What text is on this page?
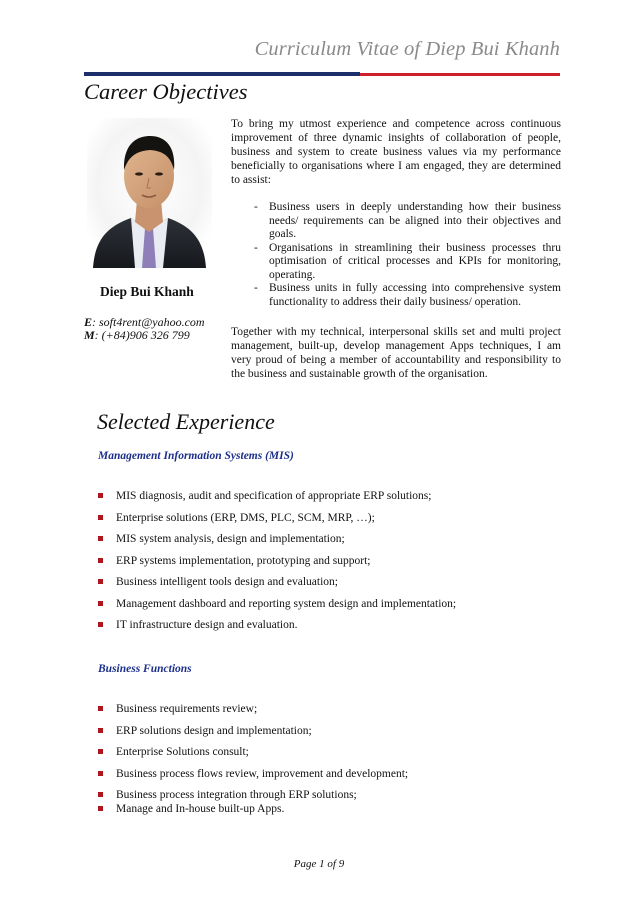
Curriculum Vitae of Diep Bui Khanh
Career Objectives
Diep Bui Khanh
E: soft4rent@yahoo.com
M: (+84)906 326 799
To bring my utmost experience and competence across continuous improvement of three dynamic insights of collaboration of people, business and system to create business values via my performance beneficially to organisations where I am engaged, they are determined to assist:
- Business users in deeply understanding how their business needs/ requirements can be aligned into their objectives and goals.
- Organisations in streamlining their business processes thru optimisation of critical processes and KPIs for monitoring, operating.
- Business units in fully accessing into comprehensive system functionality to address their daily business/ operation.
Together with my technical, interpersonal skills set and multi project management, built-up, develop management Apps techniques, I am very proud of being a member of accountability and responsibility to the business and sustainable growth of the organisation.
Selected Experience
Management Information Systems (MIS)
MIS diagnosis, audit and specification of appropriate ERP solutions;
Enterprise solutions (ERP, DMS, PLC, SCM, MRP, …);
MIS system analysis, design and implementation;
ERP systems implementation, prototyping and support;
Business intelligent tools design and evaluation;
Management dashboard and reporting system design and implementation;
IT infrastructure design and evaluation.
Business Functions
Business requirements review;
ERP solutions design and implementation;
Enterprise Solutions consult;
Business process flows review, improvement and development;
Business process integration through ERP solutions;
Manage and In-house built-up Apps.
Page 1 of 9
